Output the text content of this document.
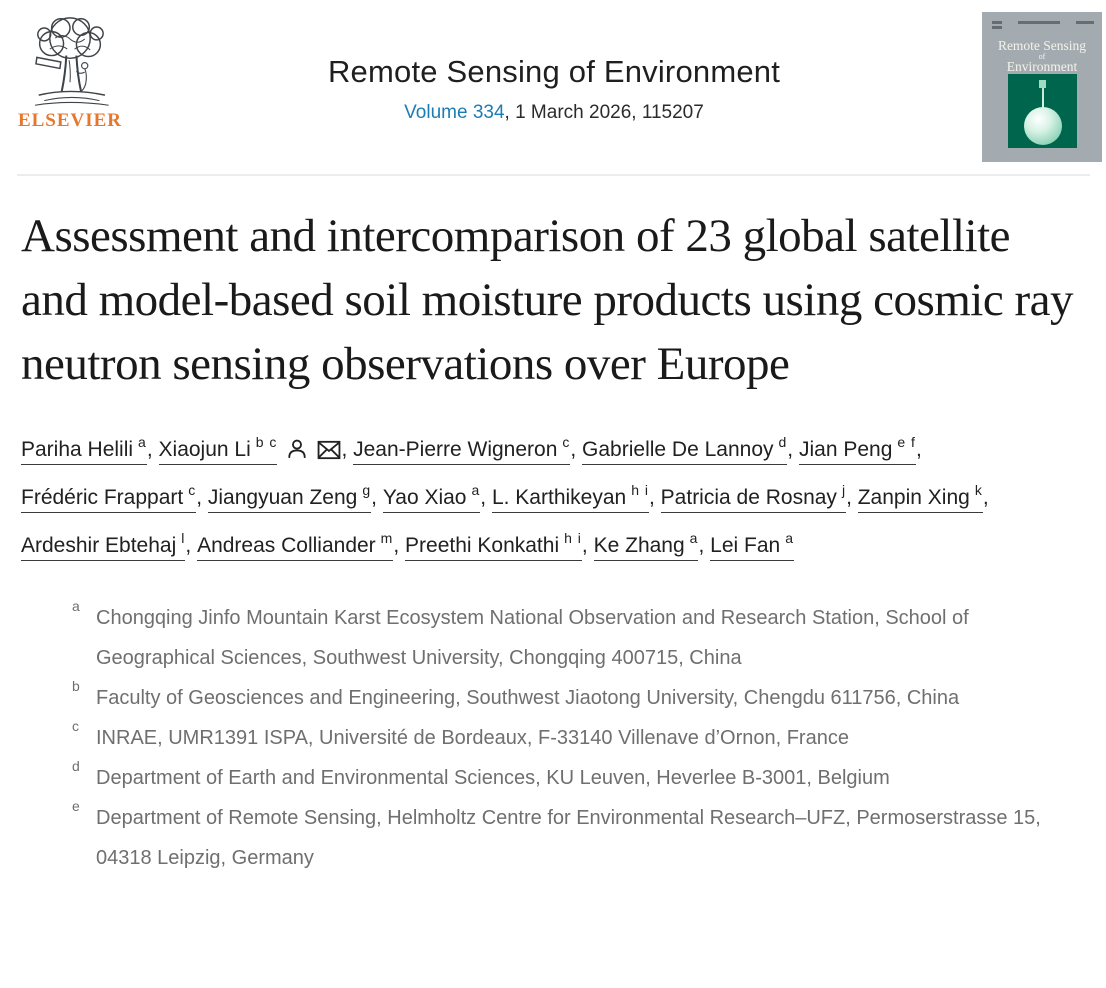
ELSEVIER
Remote Sensing of Environment
Volume 334, 1 March 2026, 115207
Remote Sensing
of
Environment
Assessment and intercomparison of 23 global satellite and model-based soil moisture products using cosmic ray neutron sensing observations over Europe
Pariha Helili $^a$, Xiaojun Li $^{b c}$	, Jean-Pierre Wigneron $^c$, Gabrielle De Lannoy $^d$, Jian Peng $^{e f}$, Frédéric Frappart $^c$, Jiangyuan Zeng $^g$, Yao Xiao $^a$, L. Karthikeyan $^{h i}$, Patricia de Rosnay $^j$, Zanpin Xing $^k$, Ardeshir Ebtehaj $^l$, Andreas Colliander $^m$, Preethi Konkathi $^{h i}$, Ke Zhang $^a$, Lei Fan $^a$
a
Chongqing Jinfo Mountain Karst Ecosystem National Observation and Research Station, School of Geographical Sciences, Southwest University, Chongqing 400715, China
b
Faculty of Geosciences and Engineering, Southwest Jiaotong University, Chengdu 611756, China
c
INRAE, UMR1391 ISPA, Université de Bordeaux, F-33140 Villenave d’Ornon, France
d
Department of Earth and Environmental Sciences, KU Leuven, Heverlee B-3001, Belgium
e
Department of Remote Sensing, Helmholtz Centre for Environmental Research–UFZ, Permoserstrasse 15, 04318 Leipzig, Germany
